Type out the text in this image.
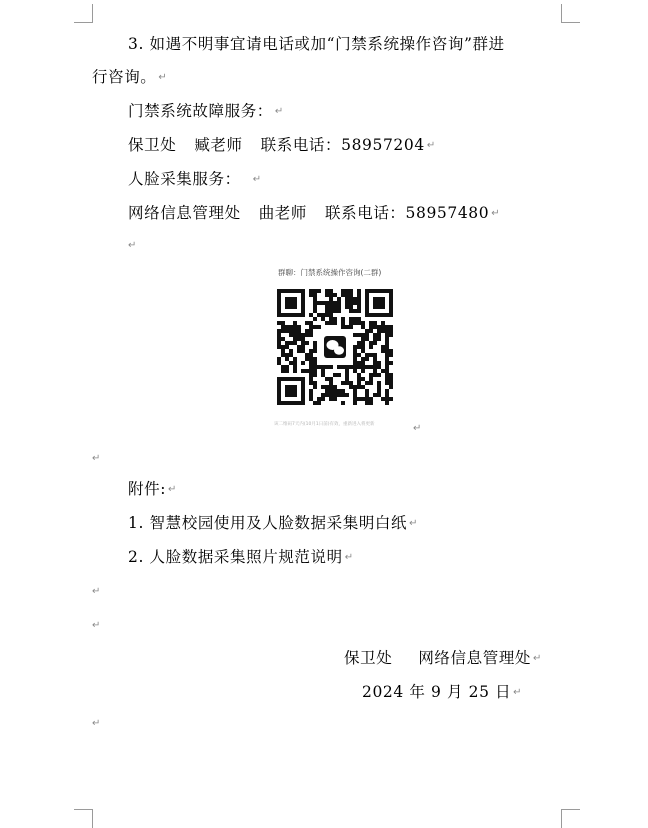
3. 如遇不明事宜请电话或加“门禁系统操作咨询”群进
行咨询。 ↵
门禁系统故障服务： ↵
保卫处 臧老师 联系电话：58957204 ↵
人脸采集服务： ↵
网络信息管理处 曲老师 联系电话：58957480 ↵
↵
群聊：门禁系统操作咨询(二群)
该二维码7天内(10月1日前)有效，重新进入将更新	↵
↵
附件: ↵
1. 智慧校园使用及人脸数据采集明白纸 ↵
2. 人脸数据采集照片规范说明 ↵
↵
↵
保卫处 网络信息管理处 ↵
2024 年 9 月 25 日 ↵
↵
